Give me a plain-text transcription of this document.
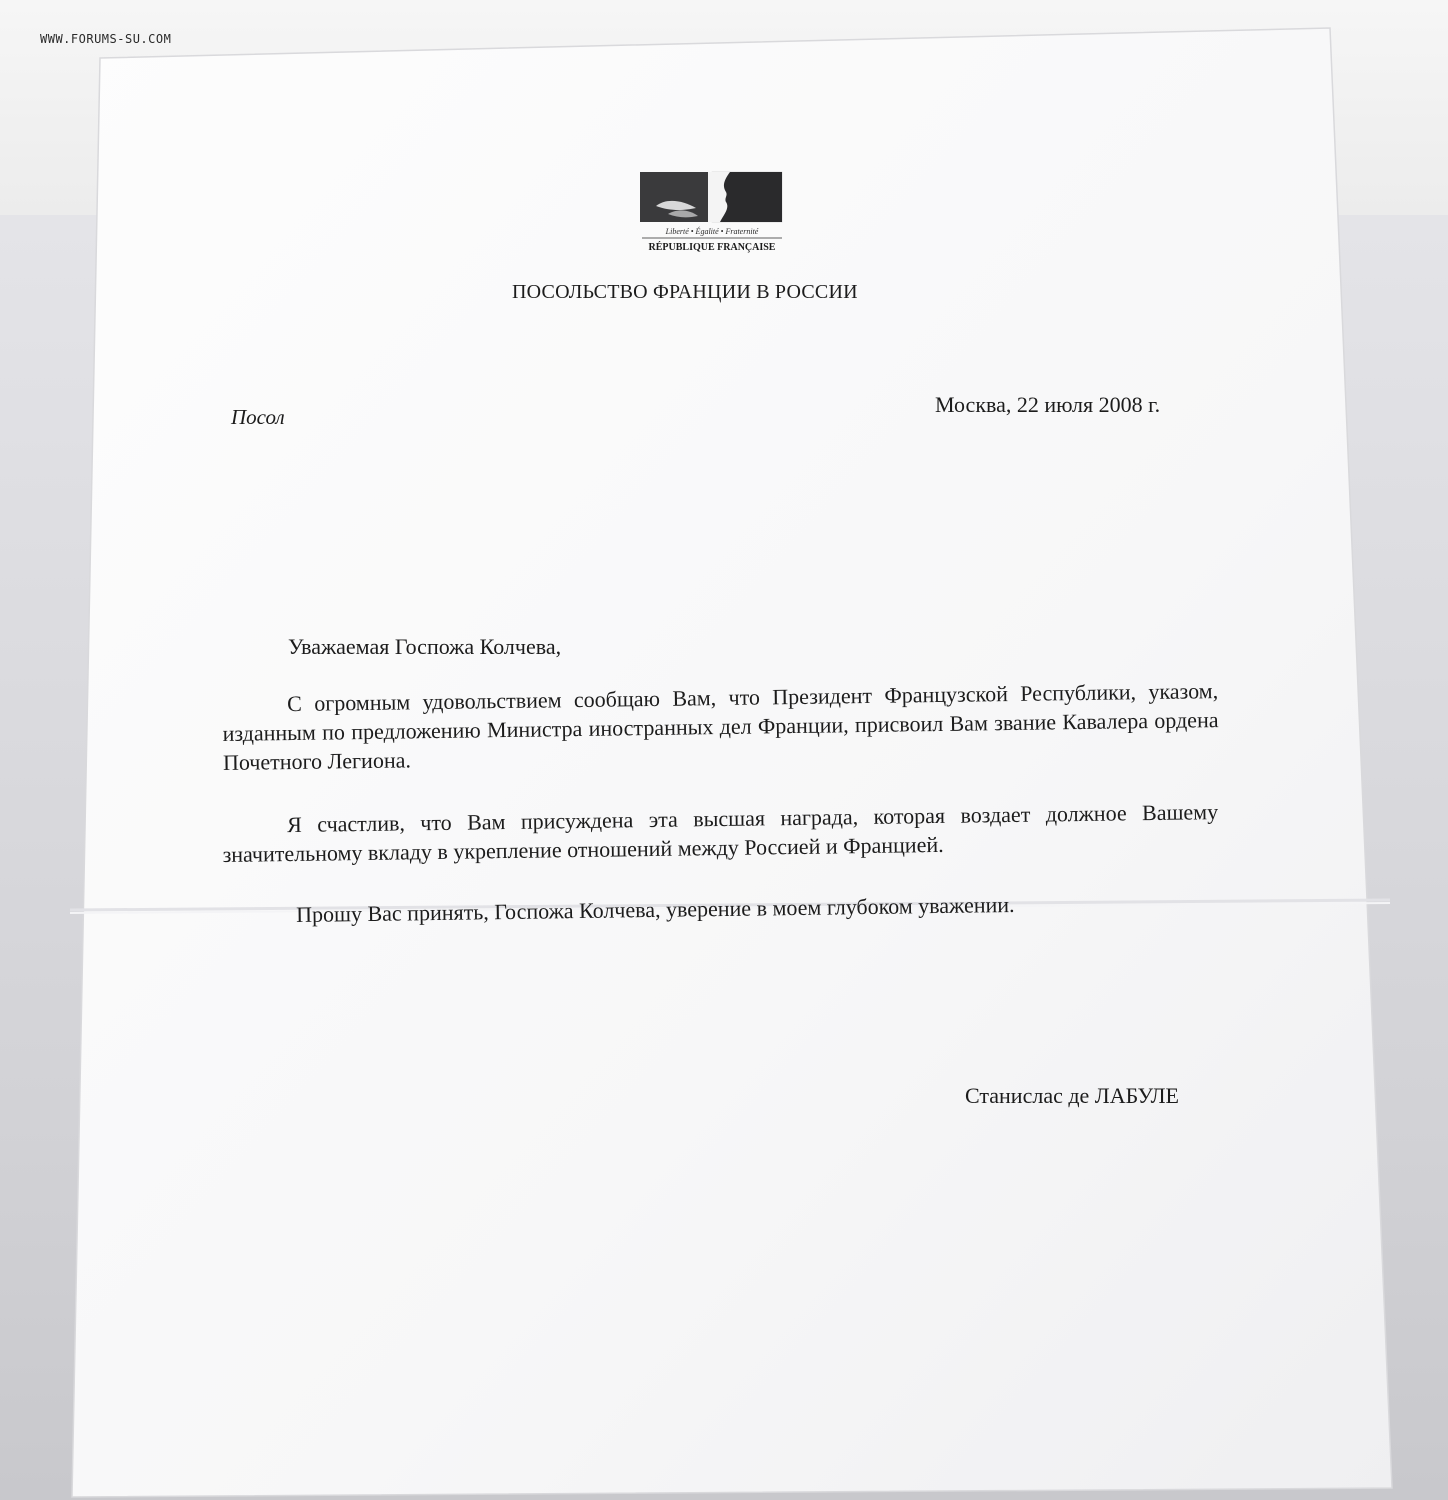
WWW.FORUMS-SU.COM
Liberté • Égalité • Fraternité
RÉPUBLIQUE FRANÇAISE
ПОСОЛЬСТВО ФРАНЦИИ В РОССИИ
Посол	Москва, 22 июля 2008 г.
Уважаемая Госпожа Колчева,
С огромным удовольствием сообщаю Вам, что Президент Французской Республики, указом, изданным по предложению Министра иностранных дел Франции, присвоил Вам звание Кавалера ордена Почетного Легиона.
Я счастлив, что Вам присуждена эта высшая награда, которая воздает должное Вашему значительному вкладу в укрепление отношений между Россией и Францией.
Прошу Вас принять, Госпожа Колчева, уверение в моем глубоком уважении.
Станислас де ЛАБУЛЕ
